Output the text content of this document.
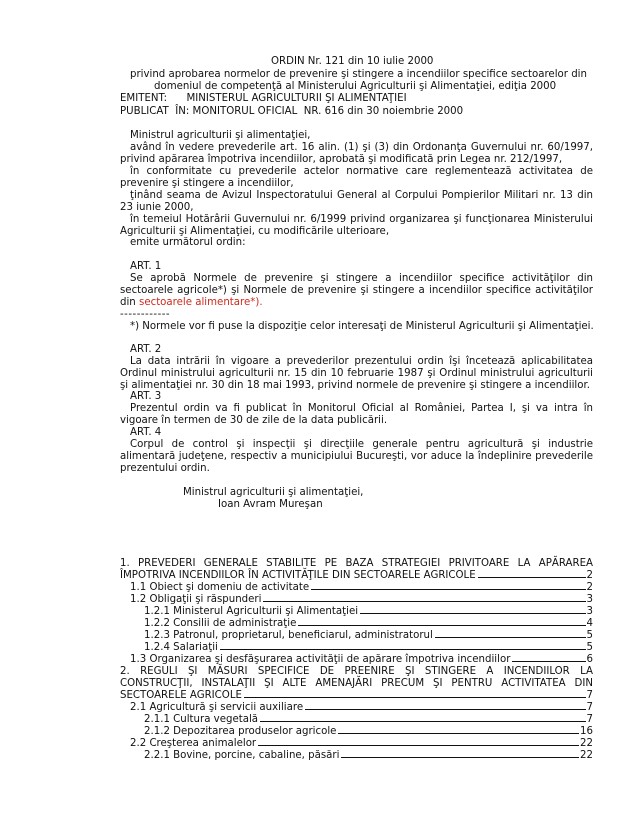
ORDIN Nr. 121 din 10 iulie 2000
privind aprobarea normelor de prevenire şi stingere a incendiilor specifice sectoarelor din
domeniul de competenţă al Ministerului Agriculturii şi Alimentaţiei, ediţia 2000
EMITENT:      MINISTERUL AGRICULTURII ŞI ALIMENTAŢIEI
PUBLICAT  ÎN: MONITORUL OFICIAL  NR. 616 din 30 noiembrie 2000
Ministrul agriculturii şi alimentaţiei,
având în vedere prevederile art. 16 alin. (1) şi (3) din Ordonanţa Guvernului nr. 60/1997, privind apărarea împotriva incendiilor, aprobată şi modificată prin Legea nr. 212/1997,
în conformitate cu prevederile actelor normative care reglementează activitatea de prevenire şi stingere a incendiilor,
ţinând seama de Avizul Inspectoratului General al Corpului Pompierilor Militari nr. 13 din 23 iunie 2000,
în temeiul Hotărârii Guvernului nr. 6/1999 privind organizarea şi funcţionarea Ministerului Agriculturii şi Alimentaţiei, cu modificările ulterioare,
emite următorul ordin:
ART. 1
Se aprobă Normele de prevenire şi stingere a incendiilor specifice activităţilor din sectoarele agricole*) şi Normele de prevenire şi stingere a incendiilor specifice activităţilor din sectoarele alimentare*).
------------
*) Normele vor fi puse la dispoziţie celor interesaţi de Ministerul Agriculturii şi Alimentaţiei.
ART. 2
La data intrării în vigoare a prevederilor prezentului ordin îşi încetează aplicabilitatea Ordinul ministrului agriculturii nr. 15 din 10 februarie 1987 şi Ordinul ministrului agriculturii şi alimentaţiei nr. 30 din 18 mai 1993, privind normele de prevenire şi stingere a incendiilor.
ART. 3
Prezentul ordin va fi publicat în Monitorul Oficial al României, Partea I, şi va intra în vigoare în termen de 30 de zile de la data publicării.
ART. 4
Corpul de control şi inspecţii şi direcţiile generale pentru agricultură şi industrie alimentară judeţene, respectiv a municipiului Bucureşti, vor aduce la îndeplinire prevederile prezentului ordin.
Ministrul agriculturii şi alimentaţiei,
Ioan Avram Mureşan
1. PREVEDERI GENERALE STABILITE PE BAZA STRATEGIEI PRIVITOARE LA APĂRAREA
ÎMPOTRIVA INCENDIILOR ÎN ACTIVITĂŢILE DIN SECTOARELE AGRICOLE	2
1.1 Obiect şi domeniu de activitate	2
1.2 Obligaţii şi răspunderi	3
1.2.1 Ministerul Agriculturii şi Alimentaţiei	3
1.2.2 Consilii de administraţie	4
1.2.3 Patronul, proprietarul, beneficiarul, administratorul	5
1.2.4 Salariaţii	5
1.3 Organizarea şi desfăşurarea activităţii de apărare împotriva incendiilor	6
2. REGULI ŞI MĂSURI SPECIFICE DE PREENIRE ŞI STINGERE A INCENDIILOR LA
CONSTRUCŢII, INSTALAŢII ŞI ALTE AMENAJĂRI PRECUM ŞI PENTRU ACTIVITATEA DIN
SECTOARELE AGRICOLE	7
2.1 Agricultură şi servicii auxiliare	7
2.1.1 Cultura vegetală	7
2.1.2 Depozitarea produselor agricole	16
2.2 Creşterea animalelor	22
2.2.1 Bovine, porcine, cabaline, păsări	22
